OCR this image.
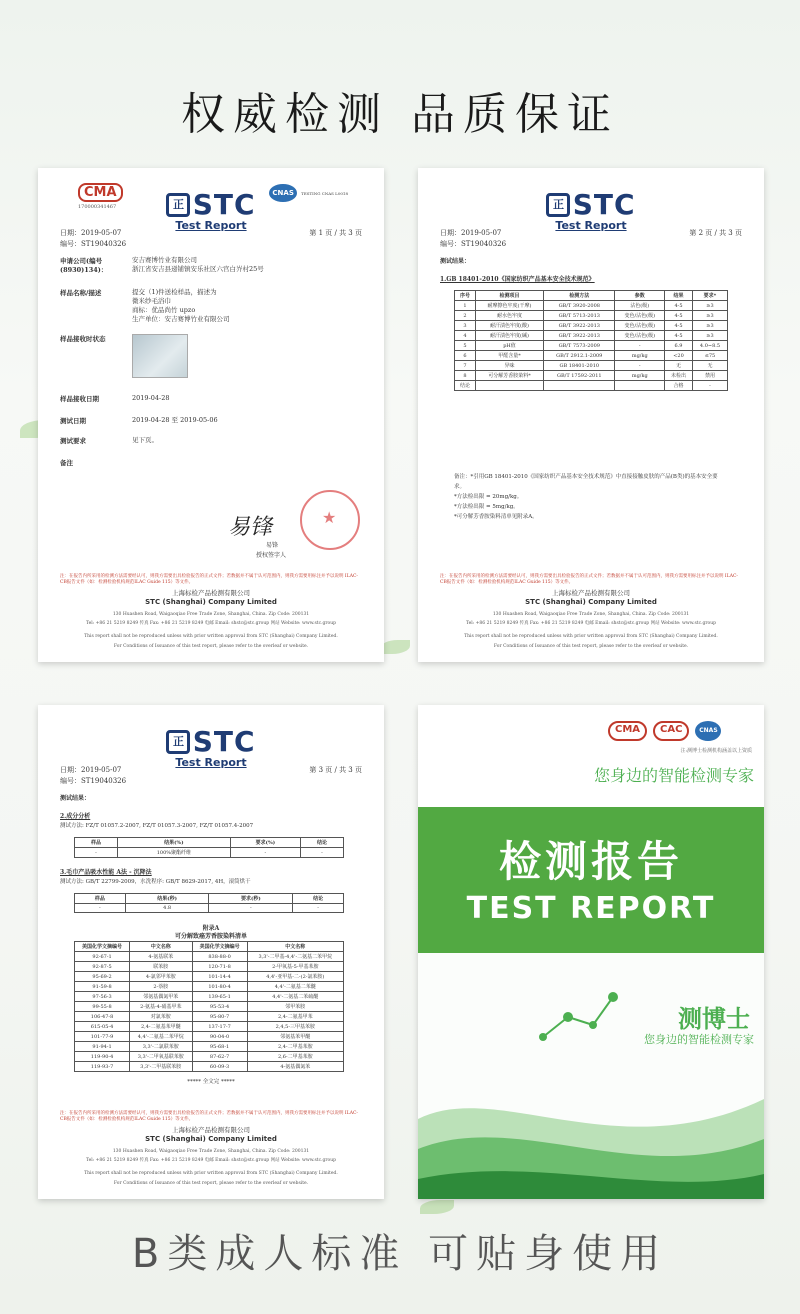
权威检测 品质保证
CMA
170000341467	正 STC
Test Report
CNAS	TESTING CNAS L0018
日期：2019-05-07
编号：ST19040326
第 1 页 / 共 3 页
申请公司(编号(8930)134)：
安吉赛博竹业有限公司
浙江省安吉县递铺镇安乐社区六官白岕村25号
样品名称/描述	提交（1)件送检样品，描述为
微米纱毛浴巾
商标：优品尚竹 upzo
生产单位：安吉赛博竹业有限公司
样品接收时状态
样品接收日期	2019-04-28
测试日期	2019-04-28 至 2019-05-06
测试要求	见下页。
备注
易锋
易锋
授权签字人
★
注：在报告内所采用的检测方法需要经认可，则我方需要出具检验报告的正式文件；若数据并不属于认可范围内，则我方需要用标注并予以说明 ILAC-CB报告文件（如：检测检验机构规范ILAC Guide 115）等文件。
上海标检产品检测有限公司
STC (Shanghai) Company Limited
130 Huashen Road, Waigaoqiao Free Trade Zone, Shanghai, China. Zip Code: 200131
Tel: +86 21 5219 8249 传真 Fax: +86 21 5219 8249 电邮 Email: shstc@stc.group 网站 Website: www.stc.group
This report shall not be reproduced unless with prior written approval from STC (Shanghai) Company Limited.
For Conditions of Issuance of this test report, please refer to the overleaf or website.
正 STC
Test Report
日期：2019-05-07
编号：ST19040326
第 2 页 / 共 3 页
测试结果：
1.GB 18401-2010《国家纺织产品基本安全技术规范》
序号	检测项目	检测方法	参数	结果	要求*
1	耐摩擦色牢度(干摩)	GB/T 3920-2008	沾色(级)	4-5	≥3
2	耐水色牢度	GB/T 5713-2013	变色/沾色(级)	4-5	≥3
3	耐汗渍色牢度(酸)	GB/T 3922-2013	变色/沾色(级)	4-5	≥3
4	耐汗渍色牢度(碱)	GB/T 3922-2013	变色/沾色(级)	4-5	≥3
5	pH值	GB/T 7573-2009	-	6.9	4.0~8.5
6	甲醛含量*	GB/T 2912.1-2009	mg/kg	<20	≤75
7	异味	GB 18401-2010	-	无	无
8	可分解芳香胺染料*	GB/T 17592-2011	mg/kg	未检出	禁用
结论				合格	-
备注：*引用GB 18401-2010《国家纺织产品基本安全技术规范》中直接接触皮肤的产品(B类)的基本安全要求。
*方法检出限 = 20mg/kg。
*方法检出限 = 5mg/kg。
*可分解芳香胺染料清单见附录A。
注：在报告内所采用的检测方法需要经认可，则我方需要出具检验报告的正式文件；若数据并不属于认可范围内，则我方需要用标注并予以说明 ILAC-CB报告文件（如：检测检验机构规范ILAC Guide 115）等文件。
上海标检产品检测有限公司
STC (Shanghai) Company Limited
130 Huashen Road, Waigaoqiao Free Trade Zone, Shanghai, China. Zip Code: 200131
Tel: +86 21 5219 8249 传真 Fax: +86 21 5219 8249 电邮 Email: shstc@stc.group 网站 Website: www.stc.group
This report shall not be reproduced unless with prior written approval from STC (Shanghai) Company Limited.
For Conditions of Issuance of this test report, please refer to the overleaf or website.
正 STC
Test Report
日期：2019-05-07
编号：ST19040326
第 3 页 / 共 3 页
测试结果：
2.成分分析
测试方法: FZ/T 01057.2-2007, FZ/T 01057.3-2007, FZ/T 01057.4-2007
样品	结果(%)	要求(%)	结论
-	100%聚酯纤维	-	-
3.毛巾产品吸水性能 A法 - 沉降法
测试方法: GB/T 22799-2009，水洗程序: GB/T 8629-2017, 4H，滚筒烘干
样品	结果(秒)	要求(秒)	结论
-	4.8	-	-
附录A
可分解致癌芳香胺染料清单
美国化学文摘编号	中文名称	美国化学文摘编号	中文名称
92-67-1	4-氨基联苯	838-88-0	3,3'-二甲基-4,4'-二氨基二苯甲烷
92-87-5	联苯胺	120-71-8	2-甲氧基-5-甲基苯胺
95-69-2	4-氯邻甲苯胺	101-14-4	4,4'-亚甲基-二-(2-氯苯胺)
91-59-8	2-萘胺	101-80-4	4,4'-二氨基二苯醚
97-56-3	邻氨基偶氮甲苯	139-65-1	4,4'-二氨基二苯硫醚
99-55-8	2-氨基-4-硝基甲苯	95-53-4	邻甲苯胺
106-47-8	对氯苯胺	95-80-7	2,4-二氨基甲苯
615-05-4	2,4-二氨基苯甲醚	137-17-7	2,4,5-三甲基苯胺
101-77-9	4,4'-二氨基二苯甲烷	90-04-0	邻氨基苯甲醚
91-94-1	3,3'-二氯联苯胺	95-68-1	2,4-二甲基苯胺
119-90-4	3,3'-二甲氧基联苯胺	87-62-7	2,6-二甲基苯胺
119-93-7	3,3'-二甲基联苯胺	60-09-3	4-氨基偶氮苯
***** 全文完 *****
注：在报告内所采用的检测方法需要经认可，则我方需要出具检验报告的正式文件；若数据并不属于认可范围内，则我方需要用标注并予以说明 ILAC-CB报告文件（如：检测检验机构规范ILAC Guide 115）等文件。
上海标检产品检测有限公司
STC (Shanghai) Company Limited
130 Huashen Road, Waigaoqiao Free Trade Zone, Shanghai, China. Zip Code: 200131
Tel: +86 21 5219 8249 传真 Fax: +86 21 5219 8249 电邮 Email: shstc@stc.group 网站 Website: www.stc.group
This report shall not be reproduced unless with prior written approval from STC (Shanghai) Company Limited.
For Conditions of Issuance of this test report, please refer to the overleaf or website.
CMA	CAC	CNAS
注:测博士检测机构涵盖以上资质
您身边的智能检测专家
检测报告
TEST REPORT
测博士
您身边的智能检测专家
B类成人标准 可贴身使用
